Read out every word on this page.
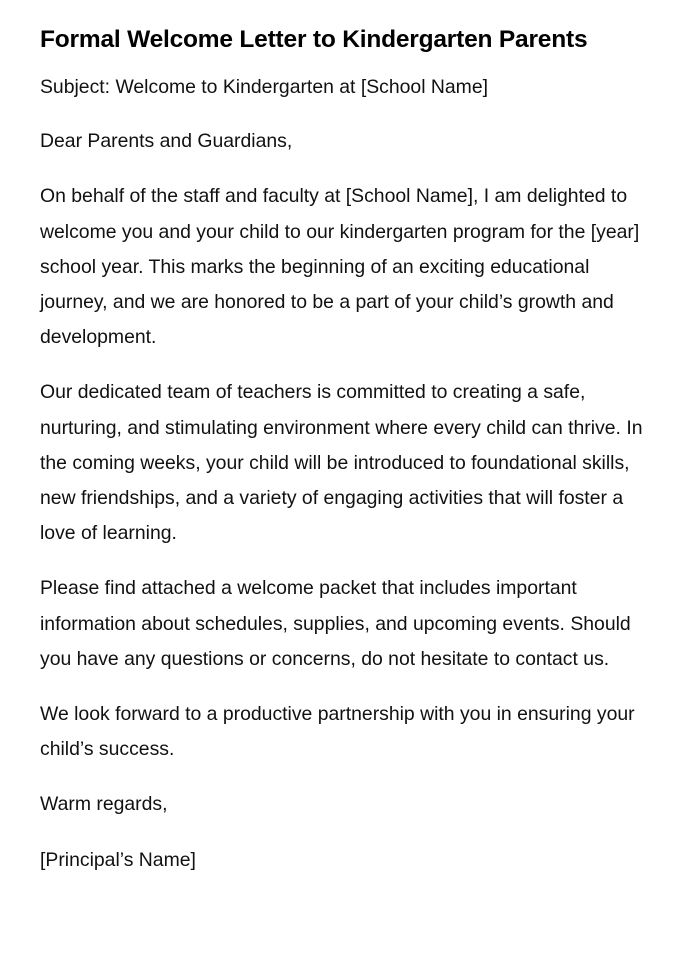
Formal Welcome Letter to Kindergarten Parents

Subject: Welcome to Kindergarten at [School Name]

Dear Parents and Guardians,

On behalf of the staff and faculty at [School Name], I am delighted to welcome you and your child to our kindergarten program for the [year] school year. This marks the beginning of an exciting educational journey, and we are honored to be a part of your child’s growth and development.

Our dedicated team of teachers is committed to creating a safe, nurturing, and stimulating environment where every child can thrive. In the coming weeks, your child will be introduced to foundational skills, new friendships, and a variety of engaging activities that will foster a love of learning.

Please find attached a welcome packet that includes important information about schedules, supplies, and upcoming events. Should you have any questions or concerns, do not hesitate to contact us.

We look forward to a productive partnership with you in ensuring your child’s success.

Warm regards,

[Principal’s Name]
